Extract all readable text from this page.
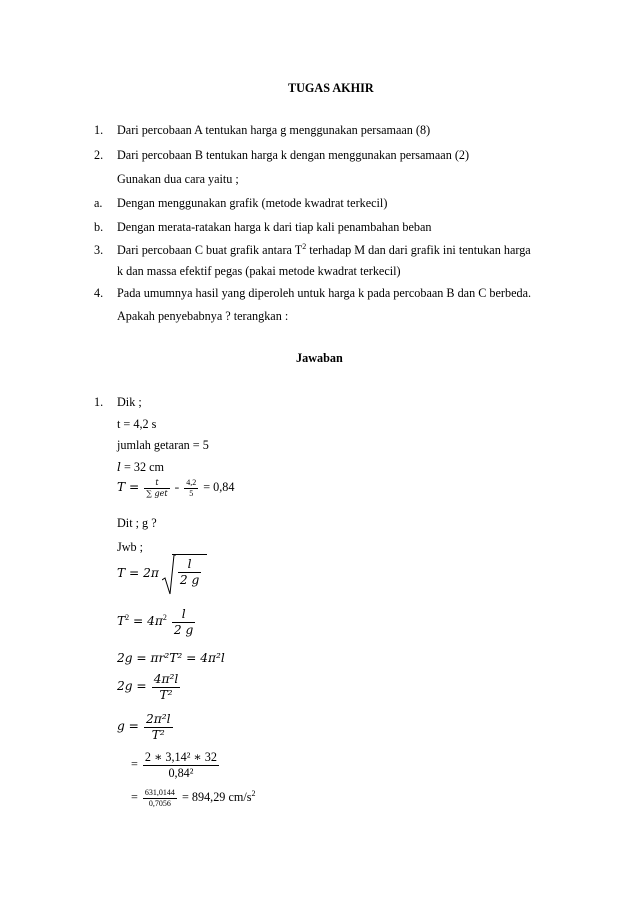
TUGAS AKHIR
1. Dari percobaan A tentukan harga g menggunakan persamaan (8)
2. Dari percobaan B tentukan harga k dengan menggunakan persamaan (2)
Gunakan dua cara yaitu ;
a. Dengan menggunakan grafik (metode kwadrat terkecil)
b. Dengan merata-ratakan harga k dari tiap kali penambahan beban
3. Dari percobaan C buat grafik antara $T^2$ terhadap M dan dari grafik ini tentukan harga
k dan massa efektif pegas (pakai metode kwadrat terkecil)
4. Pada umumnya hasil yang diperoleh untuk harga k pada percobaan B dan C berbeda.
Apakah penyebabnya ? terangkan :
Jawaban
1. Dik ;
t = 4,2 s
jumlah getaran = 5
l = 32 cm
$T = \frac{t}{\text{∑ get}} = \frac{4,2}{5} = 0,84$
Dit ; g ?
Jwb ;
$T = 2\pi \frac{l}{2 g}$
$T^2 = 4\pi^2 \frac{l}{2 g}$
2g = πr²T² = 4π²l
$2g = \frac{\text{4π²l}}{\text{T²}}$
$g = \frac{\text{2π²l}}{\text{T²}}$
= $\frac{\text{2 ∗ 3,14² ∗ 32}}{\text{0,84²}}$
= $\frac{631,0144}{0,7056} = 894,29$ $cm/s^2$
